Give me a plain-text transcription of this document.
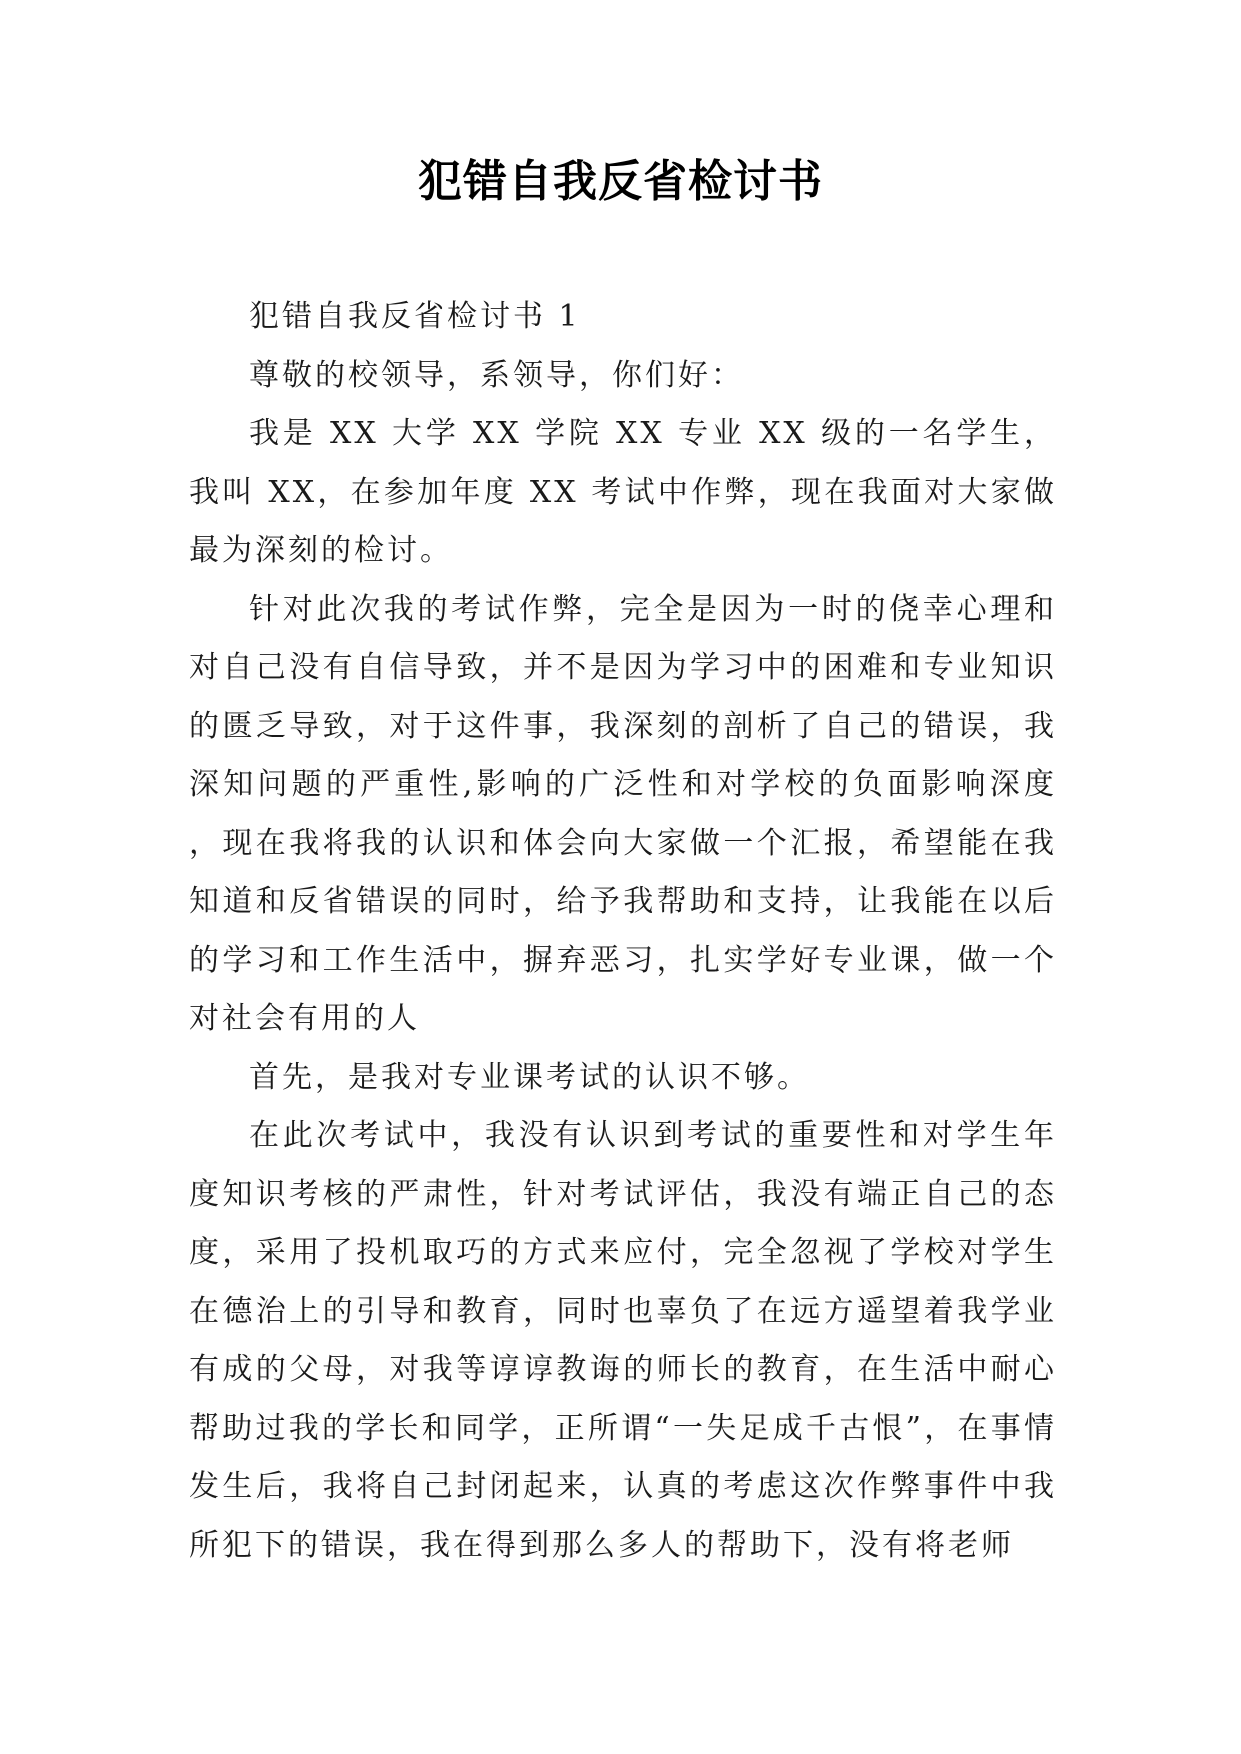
犯错自我反省检讨书

犯错自我反省检讨书 1

尊敬的校领导，系领导，你们好：

我是 XX 大学 XX 学院 XX 专业 XX 级的一名学生，我叫 XX，在参加年度 XX 考试中作弊，现在我面对大家做最为深刻的检讨。

针对此次我的考试作弊，完全是因为一时的侥幸心理和对自己没有自信导致，并不是因为学习中的困难和专业知识的匮乏导致，对于这件事，我深刻的剖析了自己的错误，我深知问题的严重性,影响的广泛性和对学校的负面影响深度，现在我将我的认识和体会向大家做一个汇报，希望能在我知道和反省错误的同时，给予我帮助和支持，让我能在以后的学习和工作生活中，摒弃恶习，扎实学好专业课，做一个对社会有用的人

首先，是我对专业课考试的认识不够。

在此次考试中，我没有认识到考试的重要性和对学生年度知识考核的严肃性，针对考试评估，我没有端正自己的态度，采用了投机取巧的方式来应付，完全忽视了学校对学生在德治上的引导和教育，同时也辜负了在远方遥望着我学业有成的父母，对我等谆谆教诲的师长的教育，在生活中耐心帮助过我的学长和同学，正所谓“一失足成千古恨”，在事情发生后，我将自己封闭起来，认真的考虑这次作弊事件中我所犯下的错误，我在得到那么多人的帮助下，没有将老师
